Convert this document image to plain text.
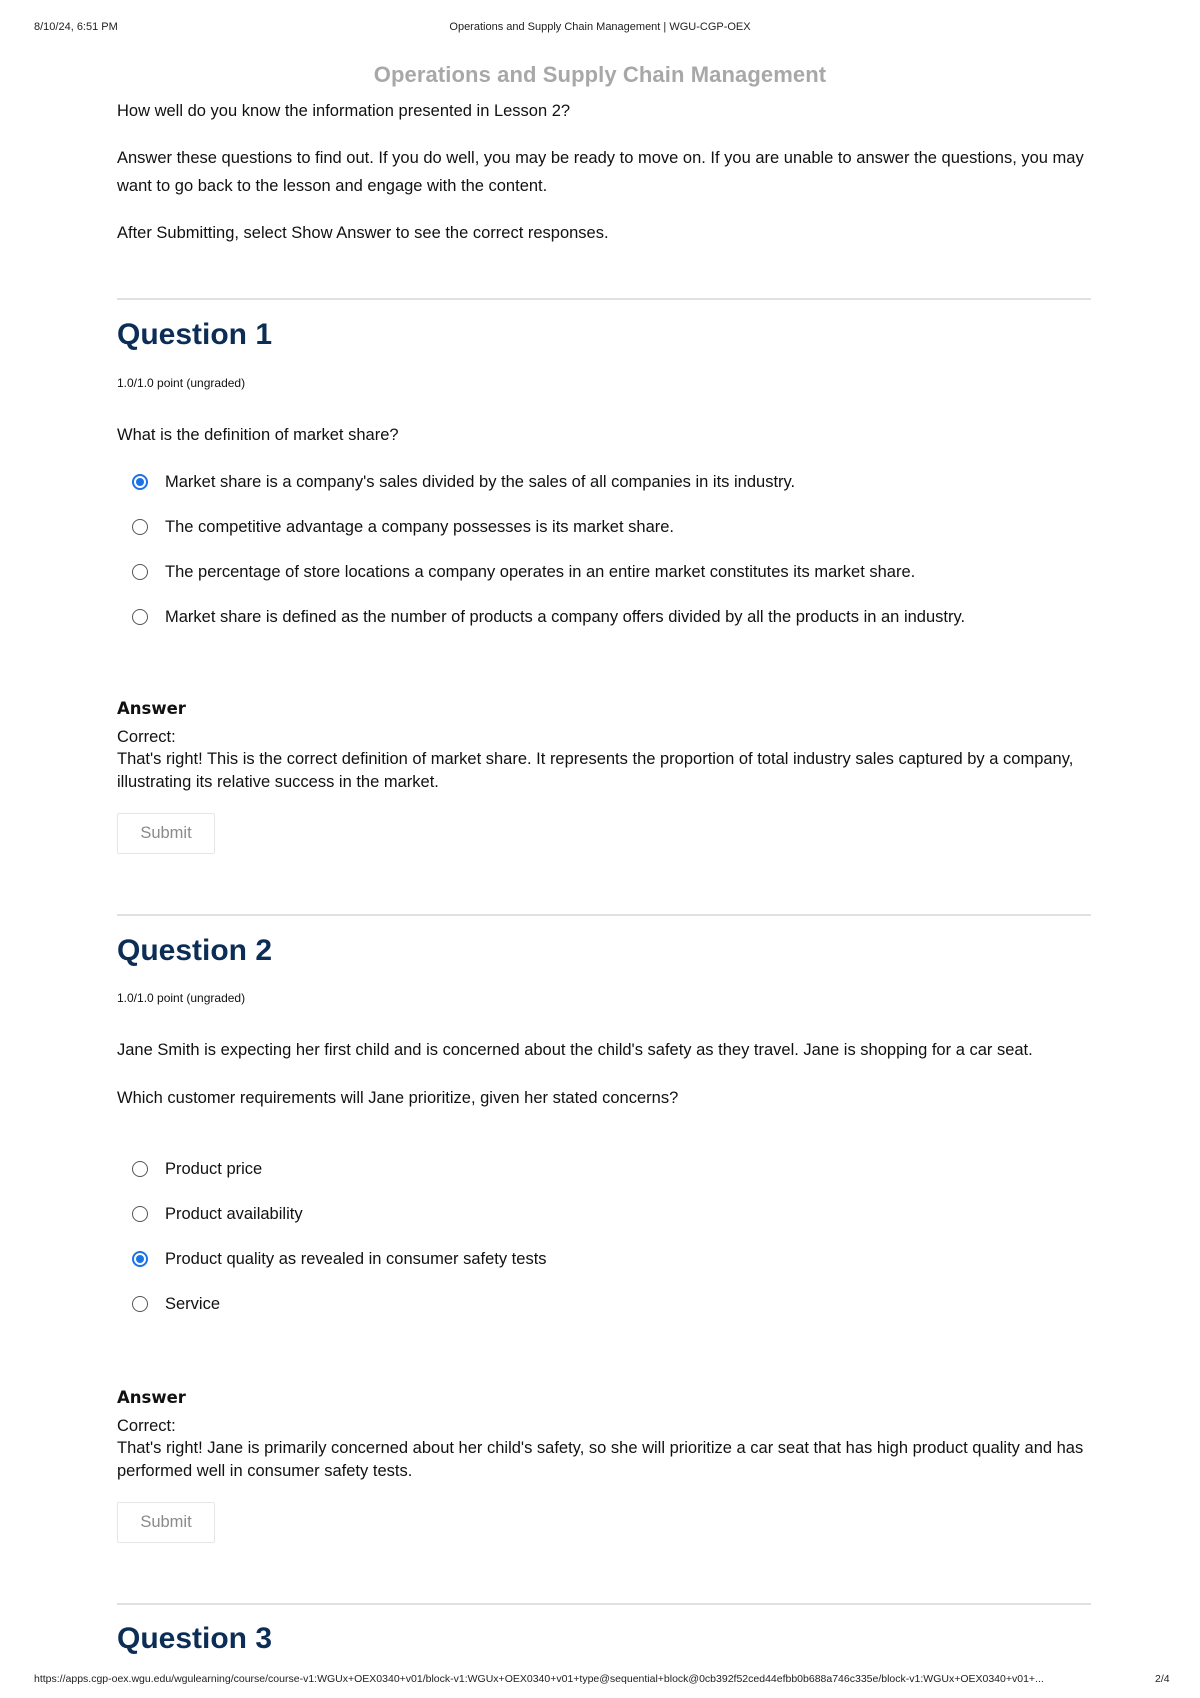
8/10/24, 6:51 PM	Operations and Supply Chain Management | WGU-CGP-OEX
Operations and Supply Chain Management

How well do you know the information presented in Lesson 2?

Answer these questions to find out. If you do well, you may be ready to move on. If you are unable to answer the questions, you may want to go back to the lesson and engage with the content.

After Submitting, select Show Answer to see the correct responses.

Question 1
1.0/1.0 point (ungraded)
What is the definition of market share?
Market share is a company's sales divided by the sales of all companies in its industry.
The competitive advantage a company possesses is its market share.
The percentage of store locations a company operates in an entire market constitutes its market share.
Market share is defined as the number of products a company offers divided by all the products in an industry.
Answer
Correct:
That's right! This is the correct definition of market share. It represents the proportion of total industry sales captured by a company, illustrating its relative success in the market.
Submit
Question 2
1.0/1.0 point (ungraded)
Jane Smith is expecting her first child and is concerned about the child's safety as they travel. Jane is shopping for a car seat.
Which customer requirements will Jane prioritize, given her stated concerns?
Product price
Product availability
Product quality as revealed in consumer safety tests
Service
Answer
Correct:
That's right! Jane is primarily concerned about her child's safety, so she will prioritize a car seat that has high product quality and has performed well in consumer safety tests.
Submit
Question 3
https://apps.cgp-oex.wgu.edu/wgulearning/course/course-v1:WGUx+OEX0340+v01/block-v1:WGUx+OEX0340+v01+type@sequential+block@0cb392f52ced44efbb0b688a746c335e/block-v1:WGUx+OEX0340+v01+...	2/4
